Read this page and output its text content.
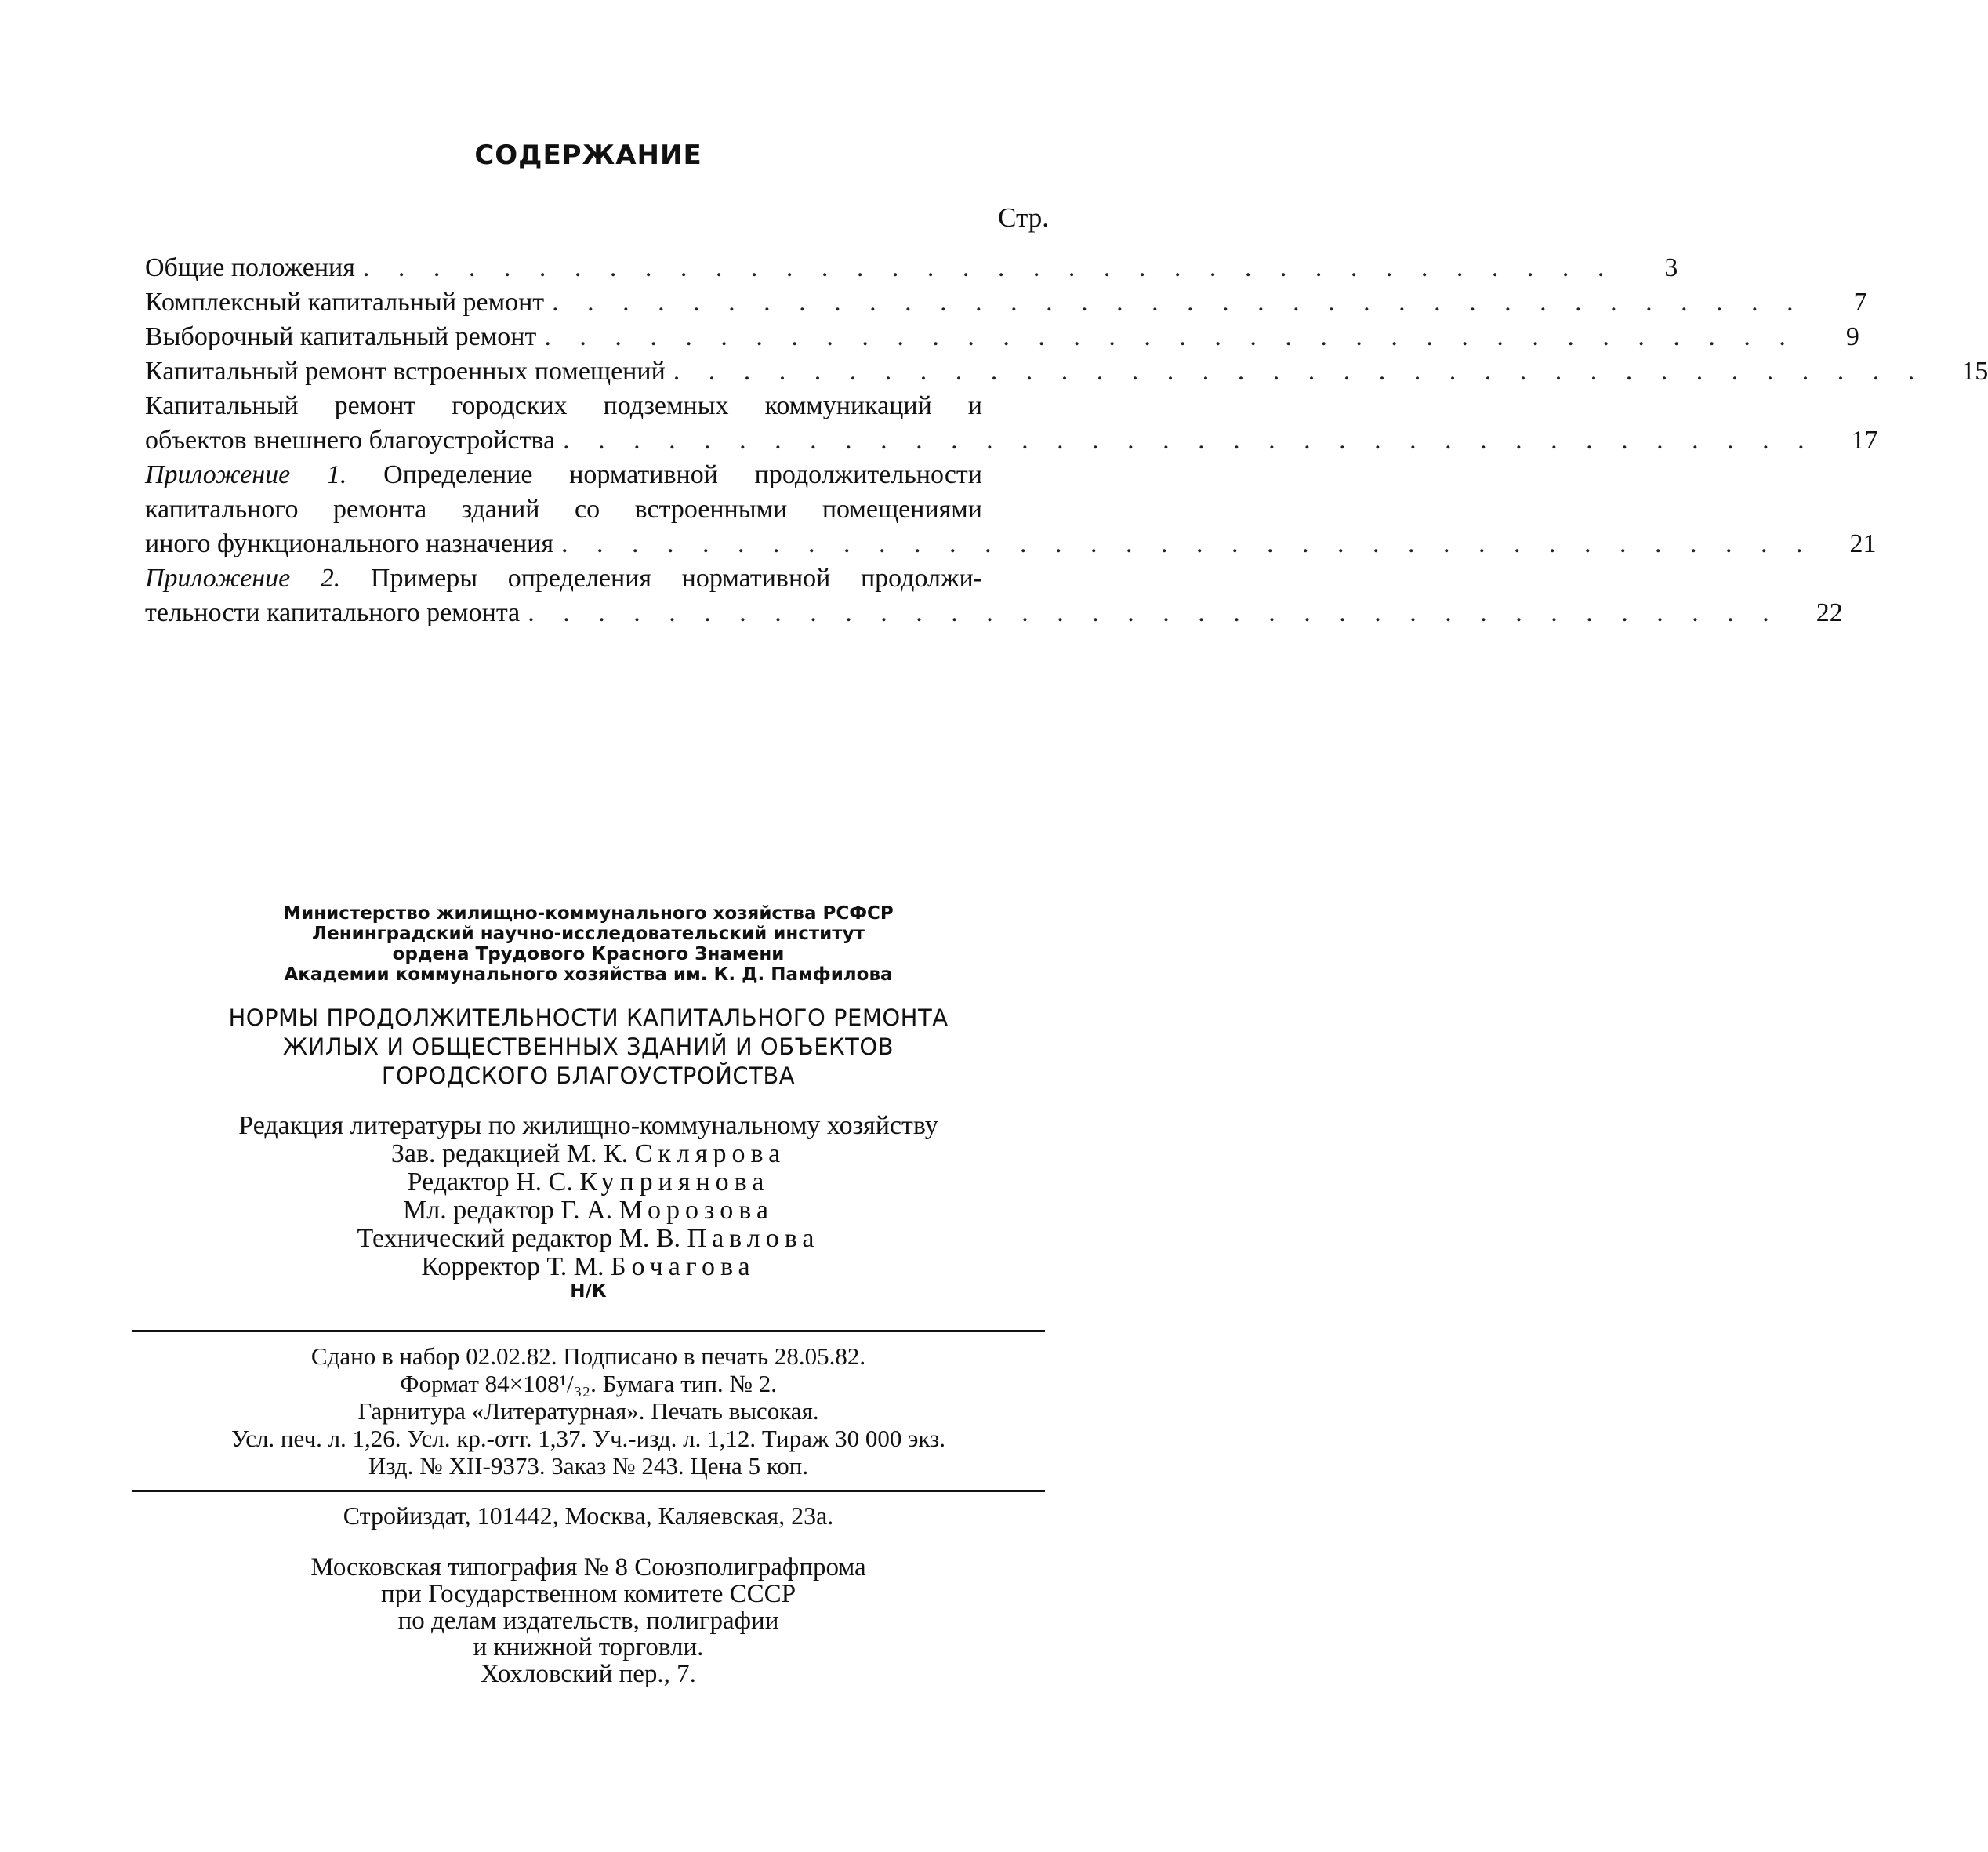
СОДЕРЖАНИЕ
Стр.
Общие положения . . . . . . . . . . . . . . . . . . . . . . . . . . . . . . . . . . . .	3
Комплексный капитальный ремонт . . . . . . . . . . . . . . . . . . . . . . . . . . . . . . . . . . . .	7
Выборочный капитальный ремонт . . . . . . . . . . . . . . . . . . . . . . . . . . . . . . . . . . . .	9
Капитальный ремонт встроенных помещений . . . . . . . . . . . . . . . . . . . . . . . . . . . . . . . . . . . .	15
Капитальный ремонт городских подземных коммуникаций и
объектов внешнего благоустройства . . . . . . . . . . . . . . . . . . . . . . . . . . . . . . . . . . . .	17
Приложение 1. Определение нормативной продолжительности
капитального ремонта зданий со встроенными помещениями
иного функционального назначения . . . . . . . . . . . . . . . . . . . . . . . . . . . . . . . . . . . .	21
Приложение 2. Примеры определения нормативной продолжи-
тельности капитального ремонта . . . . . . . . . . . . . . . . . . . . . . . . . . . . . . . . . . . .	22
Министерство жилищно-коммунального хозяйства РСФСР
Ленинградский научно-исследовательский институт
ордена Трудового Красного Знамени
Академии коммунального хозяйства им. К. Д. Памфилова
НОРМЫ ПРОДОЛЖИТЕЛЬНОСТИ КАПИТАЛЬНОГО РЕМОНТА
ЖИЛЫХ И ОБЩЕСТВЕННЫХ ЗДАНИЙ И ОБЪЕКТОВ
ГОРОДСКОГО БЛАГОУСТРОЙСТВА
Редакция литературы по жилищно-коммунальному хозяйству
Зав. редакцией М. К. Склярова
Редактор Н. С. Куприянова
Мл. редактор Г. А. Морозова
Технический редактор М. В. Павлова
Корректор Т. М. Бочагова
Н/К
Сдано в набор 02.02.82. Подписано в печать 28.05.82.
Формат 84×108¹/₃₂. Бумага тип. № 2.
Гарнитура «Литературная». Печать высокая.
Усл. печ. л. 1,26. Усл. кр.-отт. 1,37. Уч.-изд. л. 1,12. Тираж 30 000 экз.
Изд. № XII-9373. Заказ № 243. Цена 5 коп.
Стройиздат, 101442, Москва, Каляевская, 23а.
Московская типография № 8 Союзполиграфпрома
при Государственном комитете СССР
по делам издательств, полиграфии
и книжной торговли.
Хохловский пер., 7.
